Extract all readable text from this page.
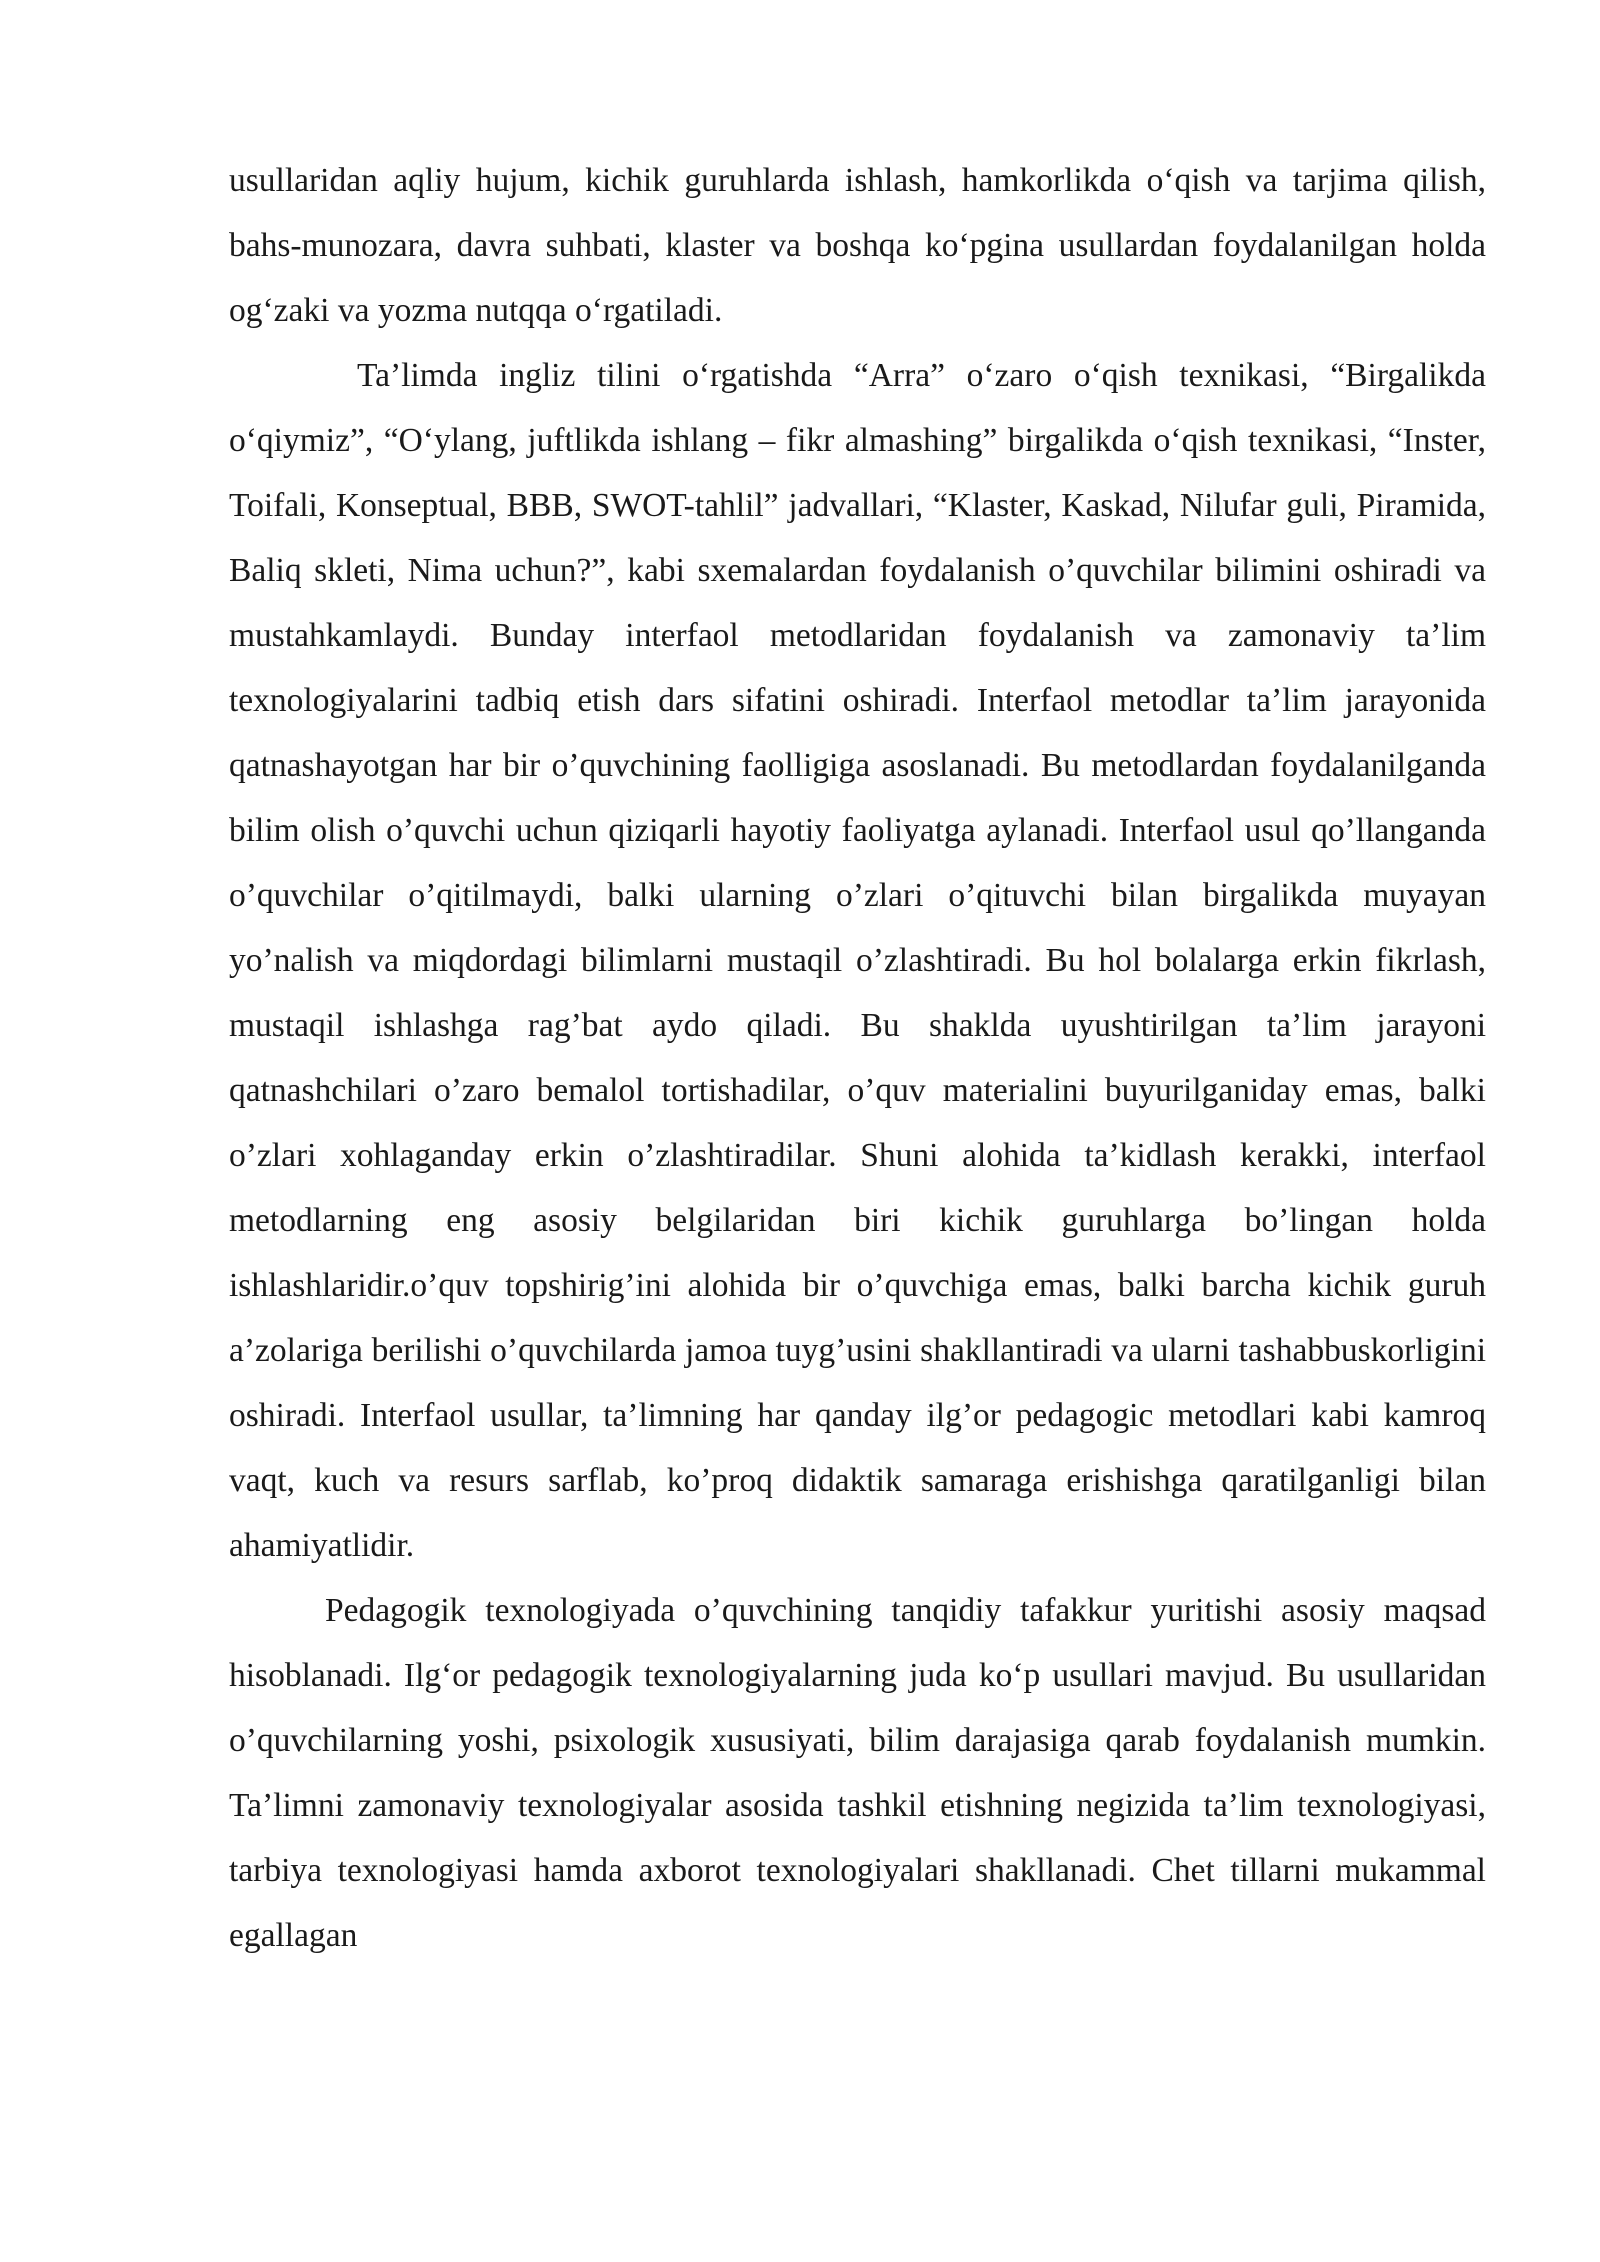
usullaridan aqliy hujum, kichik guruhlarda ishlash, hamkorlikda o‘qish va tarjima qilish, bahs-munozara, davra suhbati, klaster va boshqa ko‘pgina usullardan foydalanilgan holda og‘zaki va yozma nutqqa o‘rgatiladi.

Ta’limda ingliz tilini o‘rgatishda “Arra” o‘zaro o‘qish texnikasi, “Birgalikda o‘qiymiz”, “O‘ylang, juftlikda ishlang – fikr almashing” birgalikda o‘qish texnikasi, “Inster, Toifali, Konseptual, BBB, SWOT-tahlil” jadvallari, “Klaster, Kaskad, Nilufar guli, Piramida, Baliq skleti, Nima uchun?”, kabi sxemalardan foydalanish o’quvchilar bilimini oshiradi va mustahkamlaydi. Bunday interfaol metodlaridan foydalanish va zamonaviy ta’lim texnologiyalarini tadbiq etish dars sifatini oshiradi. Interfaol metodlar ta’lim jarayonida qatnashayotgan har bir o’quvchining faolligiga asoslanadi. Bu metodlardan foydalanilganda bilim olish o’quvchi uchun qiziqarli hayotiy faoliyatga aylanadi. Interfaol usul qo’llanganda o’quvchilar o’qitilmaydi, balki ularning o’zlari o’qituvchi bilan birgalikda muyayan yo’nalish va miqdordagi bilimlarni mustaqil o’zlashtiradi. Bu hol bolalarga erkin fikrlash, mustaqil ishlashga rag’bat aydo qiladi. Bu shakldа uyushtirilgan ta’lim jarayoni qatnashchilari o’zaro bemalol tortishadilar, o’quv materialini buyurilganiday emas, balki o’zlari xohlaganday erkin o’zlashtiradilar. Shuni alohida ta’kidlash kerakki, interfaol metodlarning eng asosiy belgilaridan biri kichik guruhlarga bo’lingan holda ishlashlaridir.o’quv topshirig’ini alohida bir o’quvchiga emas, balki barcha kichik guruh a’zolariga berilishi o’quvchilarda jamoa tuyg’usini shakllantiradi va ularni tashabbuskorligini oshiradi. Interfaol usullar, ta’limning har qanday ilg’or pedagogic metodlari kabi kamroq vaqt, kuch va resurs sarflab, ko’proq didaktik samaraga erishishga qaratilganligi bilan ahamiyatlidir.

Pedagogik texnologiyada o’quvchining tanqidiy tafakkur yuritishi asosiy maqsad hisoblanadi. Ilg‘or pedagogik texnologiyalarning juda ko‘p usullari mavjud. Bu usullaridan o’quvchilarning yoshi, psixologik xususiyati, bilim darajasiga qarab foydalanish mumkin. Ta’limni zamonaviy texnologiyalar asosida tashkil etishning negizida ta’lim texnologiyasi, tarbiya texnologiyasi hamda axborot texnologiyalari shakllanadi. Chet tillarni mukammal egallagan
